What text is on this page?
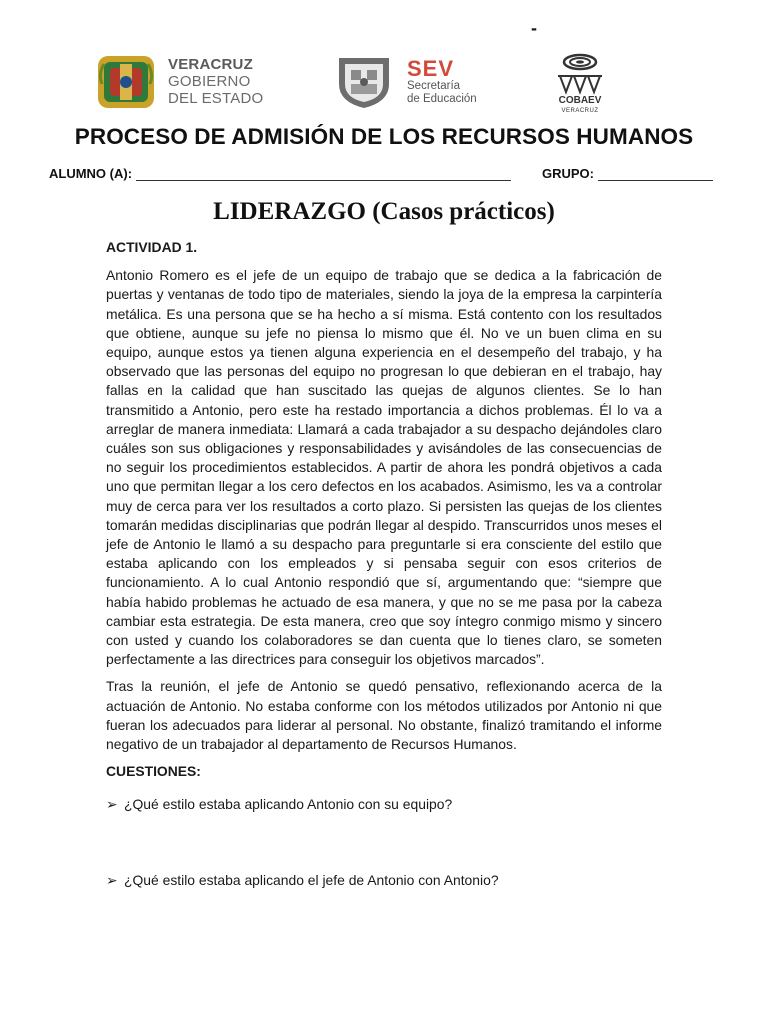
-
VERACRUZ
GOBIERNO
DEL ESTADO
SEV
Secretaría
de Educación	COBAEV
VERACRUZ
PROCESO DE ADMISIÓN DE LOS RECURSOS HUMANOS
ALUMNO (A):	GRUPO:
LIDERAZGO (Casos prácticos)

ACTIVIDAD 1.

Antonio Romero es el jefe de un equipo de trabajo que se dedica a la fabricación de puertas y ventanas de todo tipo de materiales, siendo la joya de la empresa la carpintería metálica. Es una persona que se ha hecho a sí misma. Está contento con los resultados que obtiene, aunque su jefe no piensa lo mismo que él. No ve un buen clima en su equipo, aunque estos ya tienen alguna experiencia en el desempeño del trabajo, y ha observado que las personas del equipo no progresan lo que debieran en el trabajo, hay fallas en la calidad que han suscitado las quejas de algunos clientes. Se lo han transmitido a Antonio, pero este ha restado importancia a dichos problemas. Él lo va a arreglar de manera inmediata: Llamará a cada trabajador a su despacho dejándoles claro cuáles son sus obligaciones y responsabilidades y avisándoles de las consecuencias de no seguir los procedimientos establecidos. A partir de ahora les pondrá objetivos a cada uno que permitan llegar a los cero defectos en los acabados. Asimismo, les va a controlar muy de cerca para ver los resultados a corto plazo. Si persisten las quejas de los clientes tomarán medidas disciplinarias que podrán llegar al despido. Transcurridos unos meses el jefe de Antonio le llamó a su despacho para preguntarle si era consciente del estilo que estaba aplicando con los empleados y si pensaba seguir con esos criterios de funcionamiento. A lo cual Antonio respondió que sí, argumentando que: “siempre que había habido problemas he actuado de esa manera, y que no se me pasa por la cabeza cambiar esta estrategia. De esta manera, creo que soy íntegro conmigo mismo y sincero con usted y cuando los colaboradores se dan cuenta que lo tienes claro, se someten perfectamente a las directrices para conseguir los objetivos marcados”.

Tras la reunión, el jefe de Antonio se quedó pensativo, reflexionando acerca de la actuación de Antonio. No estaba conforme con los métodos utilizados por Antonio ni que fueran los adecuados para liderar al personal. No obstante, finalizó tramitando el informe negativo de un trabajador al departamento de Recursos Humanos.

CUESTIONES:

➢ ¿Qué estilo estaba aplicando Antonio con su equipo?

➢ ¿Qué estilo estaba aplicando el jefe de Antonio con Antonio?
